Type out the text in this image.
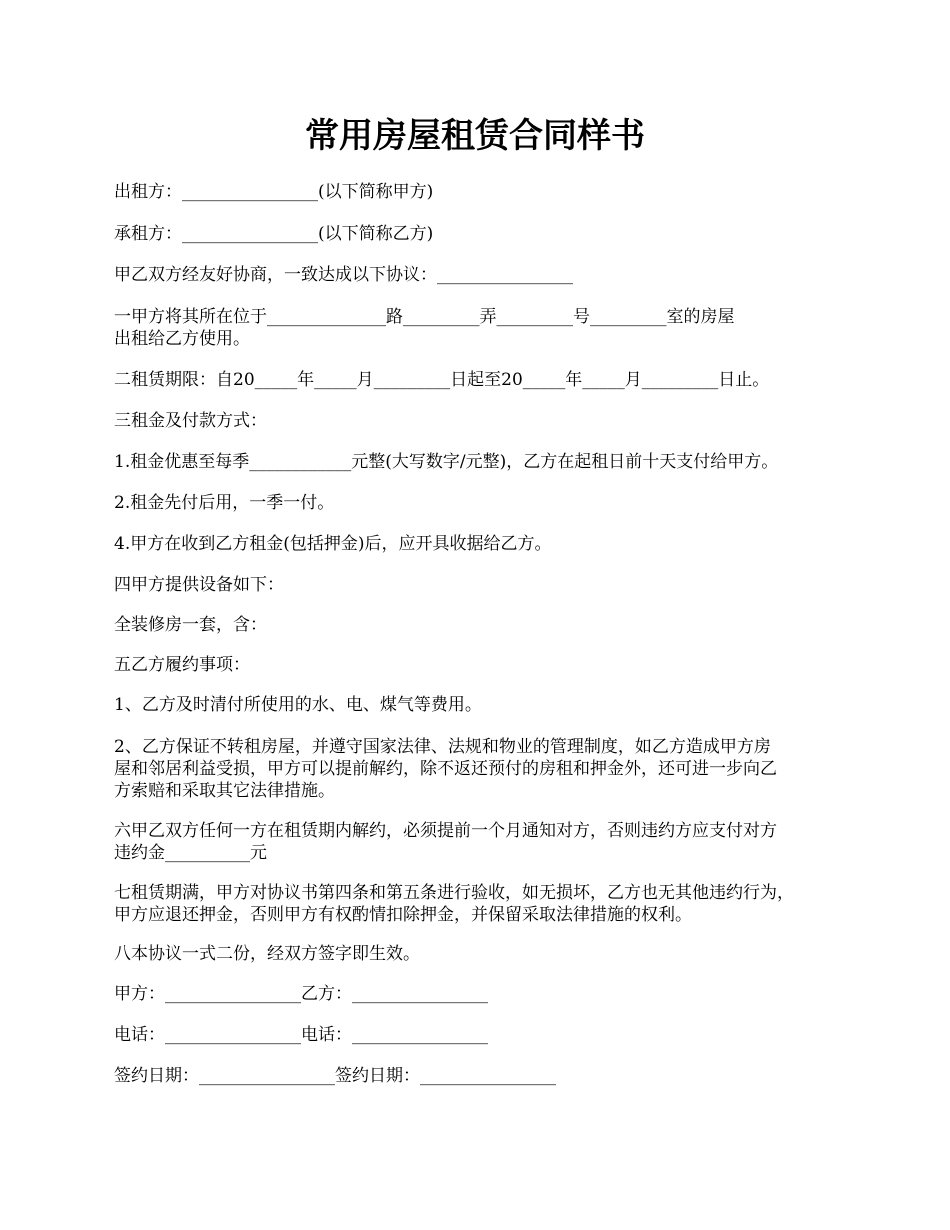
常用房屋租赁合同样书
出租方：________________(以下简称甲方)
承租方：________________(以下简称乙方)
甲乙双方经友好协商，一致达成以下协议：________________
一甲方将其所在位于______________路_________弄_________号_________室的房屋
出租给乙方使用。
二租赁期限：自20_____年_____月_________日起至20_____年_____月_________日止。
三租金及付款方式：
1.租金优惠至每季____________元整(大写数字/元整)，乙方在起租日前十天支付给甲方。
2.租金先付后用，一季一付。
4.甲方在收到乙方租金(包括押金)后，应开具收据给乙方。
四甲方提供设备如下：
全装修房一套，含：
五乙方履约事项：
1、乙方及时清付所使用的水、电、煤气等费用。
2、乙方保证不转租房屋，并遵守国家法律、法规和物业的管理制度，如乙方造成甲方房
屋和邻居利益受损，甲方可以提前解约，除不返还预付的房租和押金外，还可进一步向乙
方索赔和采取其它法律措施。
六甲乙双方任何一方在租赁期内解约，必须提前一个月通知对方，否则违约方应支付对方
违约金__________元
七租赁期满，甲方对协议书第四条和第五条进行验收，如无损坏，乙方也无其他违约行为，
甲方应退还押金，否则甲方有权酌情扣除押金，并保留采取法律措施的权利。
八本协议一式二份，经双方签字即生效。
甲方：________________乙方：________________
电话：________________电话：________________
签约日期：________________签约日期：________________
